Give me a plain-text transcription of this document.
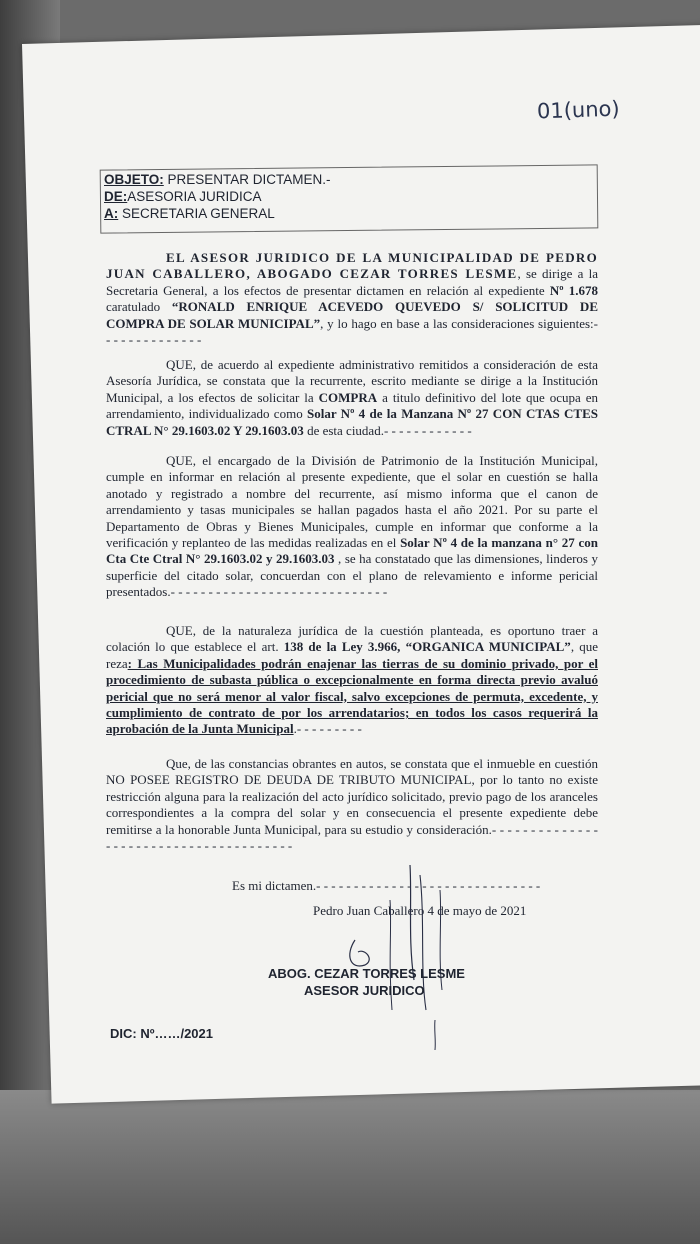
01(uno)
OBJETO: PRESENTAR DICTAMEN.-
DE:ASESORIA JURIDICA
A: SECRETARIA GENERAL

EL ASESOR JURIDICO DE LA MUNICIPALIDAD DE PEDRO JUAN CABALLERO, ABOGADO CEZAR TORRES LESME, se dirige a la Secretaria General, a los efectos de presentar dictamen en relación al expediente Nº 1.678 caratulado “RONALD ENRIQUE ACEVEDO QUEVEDO S/ SOLICITUD DE COMPRA DE SOLAR MUNICIPAL”, y lo hago en base a las consideraciones siguientes:- - - - - - - - - - - - - -

QUE, de acuerdo al expediente administrativo remitidos a consideración de esta Asesoría Jurídica, se constata que la recurrente, escrito mediante se dirige a la Institución Municipal, a los efectos de solicitar la COMPRA a titulo definitivo del lote que ocupa en arrendamiento, individualizado como Solar Nº 4 de la Manzana Nº 27 CON CTAS CTES CTRAL N° 29.1603.02 Y 29.1603.03 de esta ciudad.- - - - - - - - - - - -

QUE, el encargado de la División de Patrimonio de la Institución Municipal, cumple en informar en relación al presente expediente, que el solar en cuestión se halla anotado y registrado a nombre del recurrente, así mismo informa que el canon de arrendamiento y tasas municipales se hallan pagados hasta el año 2021. Por su parte el Departamento de Obras y Bienes Municipales, cumple en informar que conforme a la verificación y replanteo de las medidas realizadas en el Solar Nº 4 de la manzana n° 27 con Cta Cte Ctral N° 29.1603.02 y 29.1603.03 , se ha constatado que las dimensiones, linderos y superficie del citado solar, concuerdan con el plano de relevamiento e informe pericial presentados.- - - - - - - - - - - - - - - - - - - - - - - - - - - - -

QUE, de la naturaleza jurídica de la cuestión planteada, es oportuno traer a colación lo que establece el art. 138 de la Ley 3.966, “ORGANICA MUNICIPAL”, que reza: Las Municipalidades podrán enajenar las tierras de su dominio privado, por el procedimiento de subasta pública o excepcionalmente en forma directa previo avaluó pericial que no será menor al valor fiscal, salvo excepciones de permuta, excedente, y cumplimiento de contrato de por los arrendatarios; en todos los casos requerirá la aprobación de la Junta Municipal.- - - - - - - - -

Que, de las constancias obrantes en autos, se constata que el inmueble en cuestión NO POSEE REGISTRO DE DEUDA DE TRIBUTO MUNICIPAL, por lo tanto no existe restricción alguna para la realización del acto jurídico solicitado, previo pago de los aranceles correspondientes a la compra del solar y en consecuencia el presente expediente debe remitirse a la honorable Junta Municipal, para su estudio y consideración.- - - - - - - - - - - - - - - - - - - - - - - - - - - - - - - - - - - - - - -

Es mi dictamen.- - - - - - - - - - - - - - - - - - - - - - - - - - - - - -
Pedro Juan Caballero 4 de mayo de 2021
ABOG. CEZAR TORRES LESME
ASESOR JURIDICO
DIC: Nº……/2021
